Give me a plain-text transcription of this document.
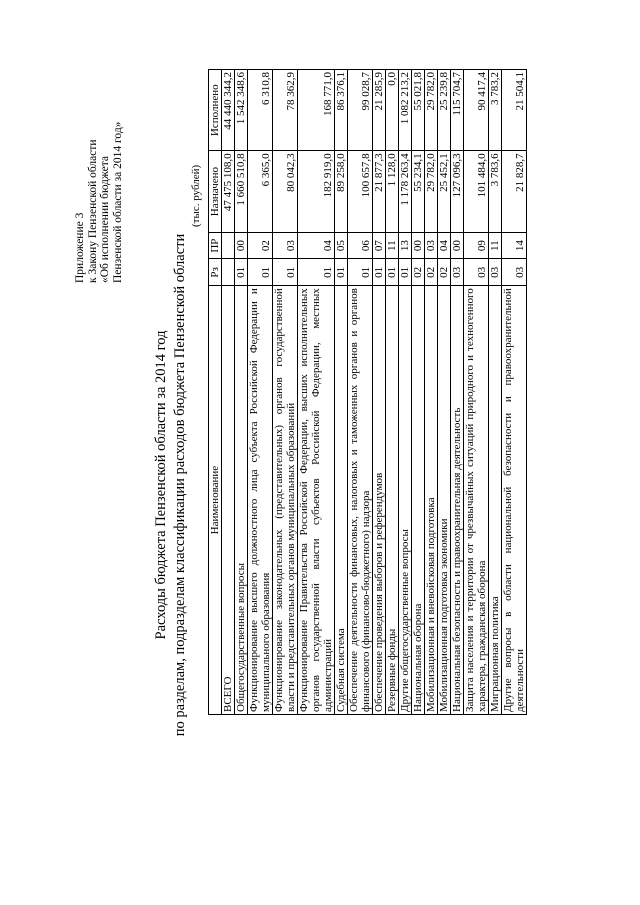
Приложение 3 к Закону Пензенской области «Об исполнении бюджета Пензенской области за 2014 год»
Расходы бюджета Пензенской области за 2014 год по разделам, подразделам классификации расходов бюджета Пензенской области
(тыс. рублей)
Наименование	Рз	ПР	Назначено	Исполнено
ВСЕГО			47 475 108,0	44 440 344,2
Общегосударственные вопросы	01	00	1 660 510,8	1 542 348,6
Функционирование высшего должностного лица субъекта Российской Федерации и муниципального образования	01	02	6 365,0	6 310,8
Функционирование законодательных (представительных) органов государственной власти и представительных органов муниципальных образований	01	03	80 042,3	78 362,9
Функционирование Правительства Российской Федерации, высших исполнительных органов государственной власти субъектов Российской Федерации, местных администраций	01	04	182 919,0	168 771,0
Судебная система	01	05	89 258,0	86 376,1
Обеспечение деятельности финансовых, налоговых и таможенных органов и органов финансового (финансово-бюджетного) надзора	01	06	100 657,8	99 028,7
Обеспечение проведения выборов и референдумов	01	07	21 877,3	21 285,9
Резервные фонды	01	11	1 128,0	0,0
Другие общегосударственные вопросы	01	13	1 178 263,4	1 082 213,2
Национальная оборона	02	00	55 234,1	55 021,8
Мобилизационная и вневойсковая подготовка	02	03	29 782,0	29 782,0
Мобилизационная подготовка экономики	02	04	25 452,1	25 239,8
Национальная безопасность и правоохранительная деятельность	03	00	127 096,3	115 704,7
Защита населения и территории от чрезвычайных ситуаций природного и техногенного характера, гражданская оборона	03	09	101 484,0	90 417,4
Миграционная политика	03	11	3 783,6	3 783,2
Другие вопросы в области национальной безопасности и правоохранительной деятельности	03	14	21 828,7	21 504,1
